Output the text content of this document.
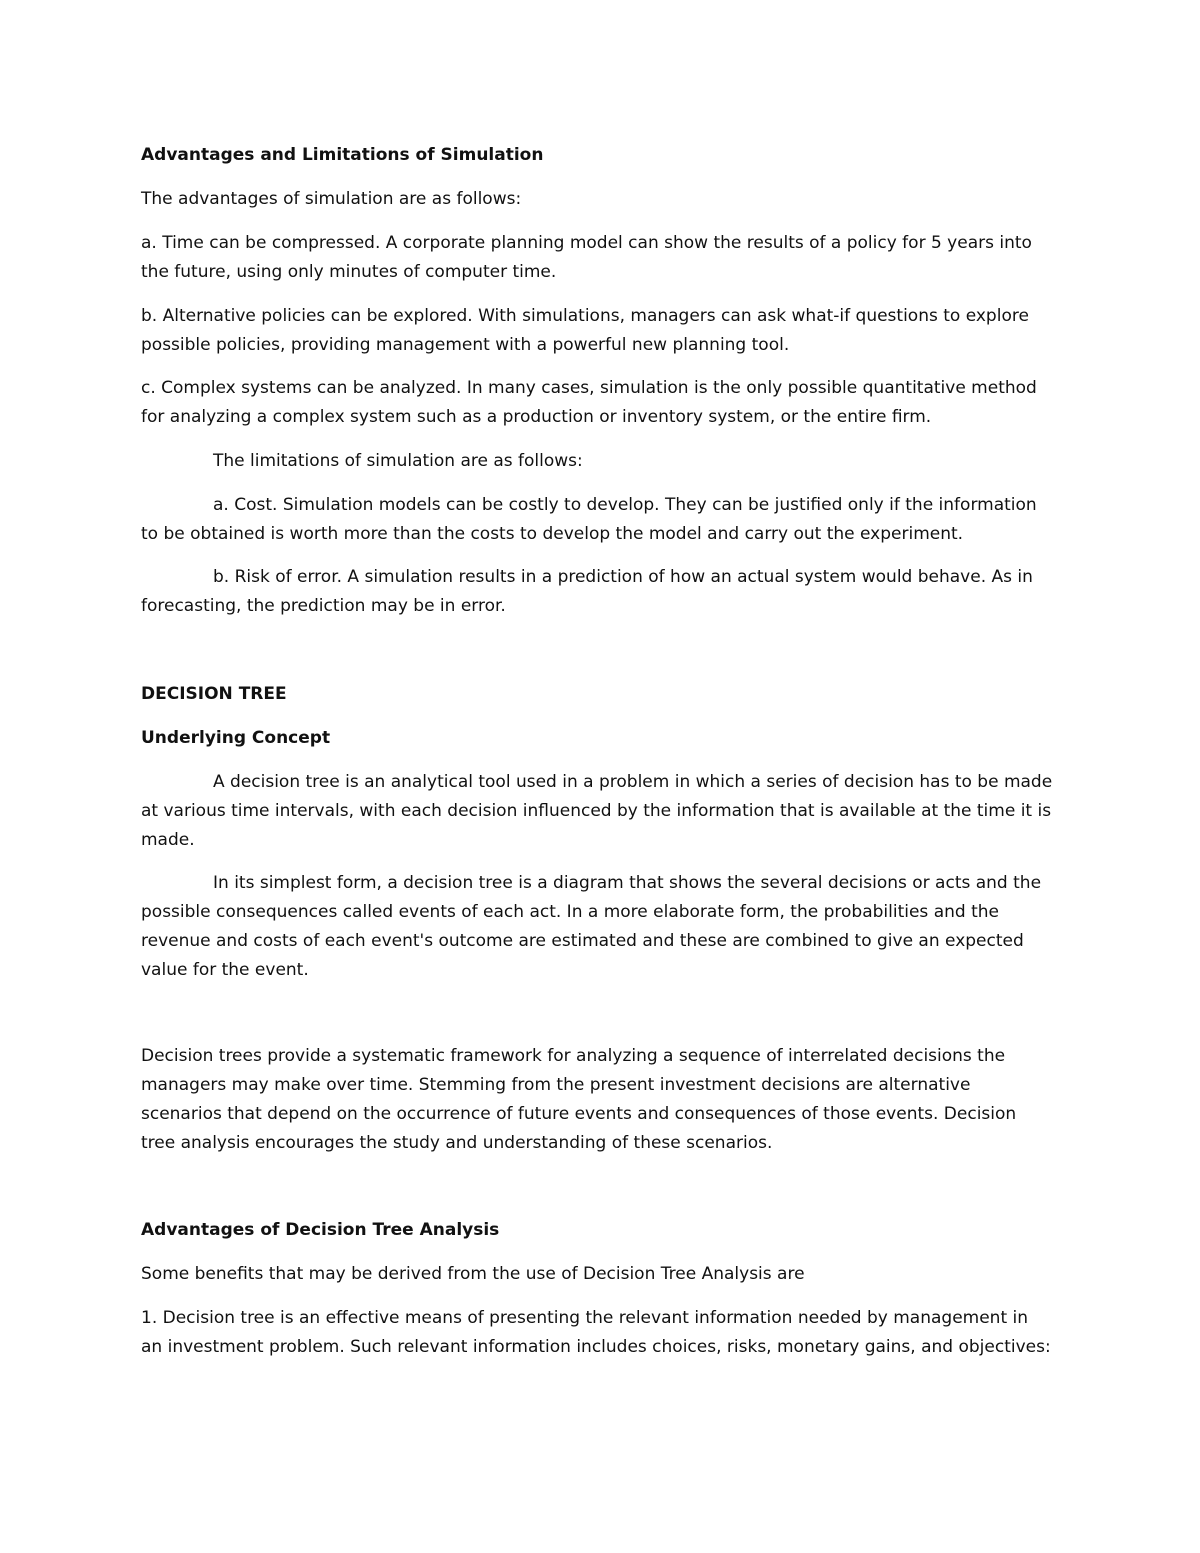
Advantages and Limitations of Simulation

The advantages of simulation are as follows:

a. Time can be compressed. A corporate planning model can show the results of a policy for 5 years into the future, using only minutes of computer time.

b. Alternative policies can be explored. With simulations, managers can ask what-if questions to explore possible policies, providing management with a powerful new planning tool.

c. Complex systems can be analyzed. In many cases, simulation is the only possible quantitative method for analyzing a complex system such as a production or inventory system, or the entire firm.

The limitations of simulation are as follows:

a. Cost. Simulation models can be costly to develop. They can be justified only if the information to be obtained is worth more than the costs to develop the model and carry out the experiment.

b. Risk of error. A simulation results in a prediction of how an actual system would behave. As in forecasting, the prediction may be in error.

DECISION TREE

Underlying Concept

A decision tree is an analytical tool used in a problem in which a series of decision has to be made at various time intervals, with each decision influenced by the information that is available at the time it is made.

In its simplest form, a decision tree is a diagram that shows the several decisions or acts and the possible consequences called events of each act. In a more elaborate form, the probabilities and the revenue and costs of each event's outcome are estimated and these are combined to give an expected value for the event.

Decision trees provide a systematic framework for analyzing a sequence of interrelated decisions the managers may make over time. Stemming from the present investment decisions are alternative scenarios that depend on the occurrence of future events and consequences of those events. Decision tree analysis encourages the study and understanding of these scenarios.

Advantages of Decision Tree Analysis

Some benefits that may be derived from the use of Decision Tree Analysis are

1. Decision tree is an effective means of presenting the relevant information needed by management in an investment problem. Such relevant information includes choices, risks, monetary gains, and objectives:
